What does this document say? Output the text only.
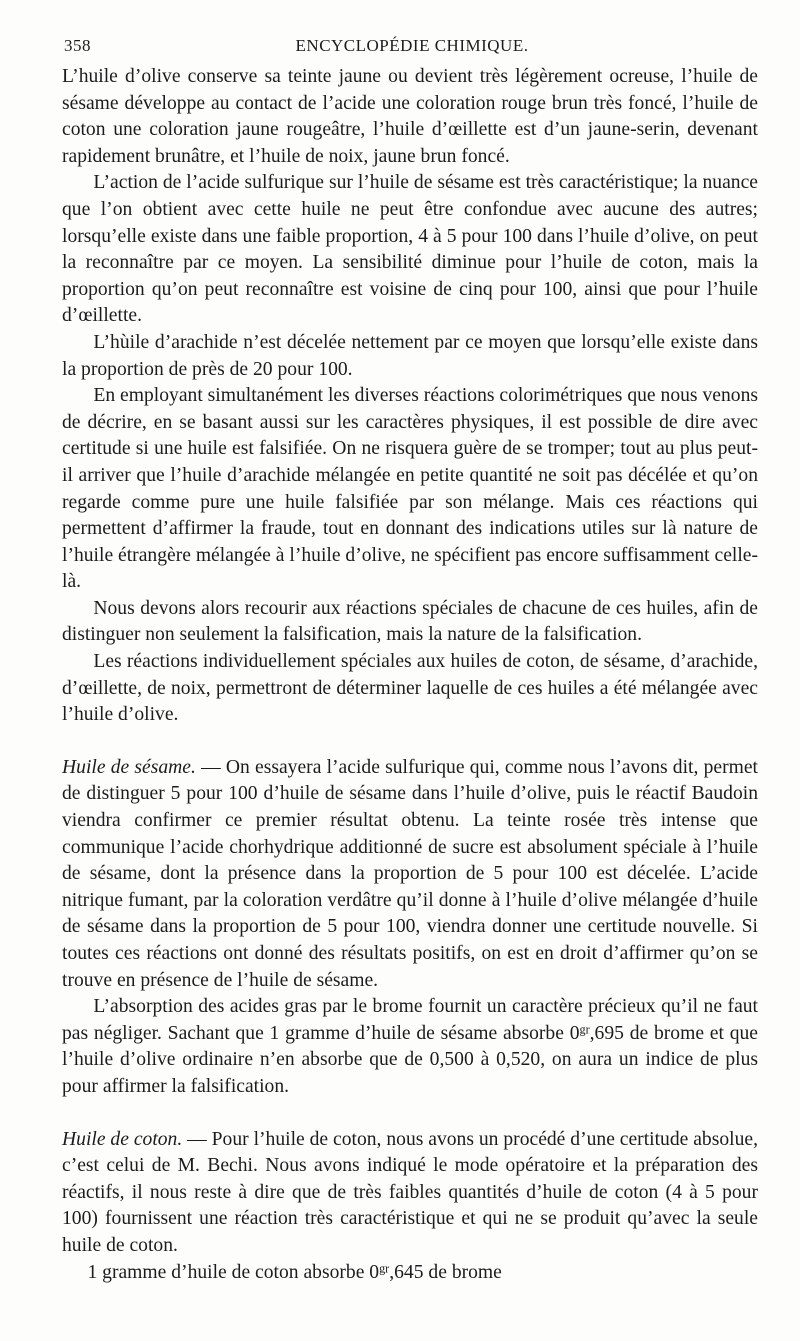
358	ENCYCLOPÉDIE CHIMIQUE.

L’huile d’olive conserve sa teinte jaune ou devient très légèrement ocreuse, l’huile de sésame développe au contact de l’acide une coloration rouge brun très foncé, l’huile de coton une coloration jaune rougeâtre, l’huile d’œillette est d’un jaune-serin, devenant rapidement brunâtre, et l’huile de noix, jaune brun foncé.

L’action de l’acide sulfurique sur l’huile de sésame est très caractéristique; la nuance que l’on obtient avec cette huile ne peut être confondue avec aucune des autres; lorsqu’elle existe dans une faible proportion, 4 à 5 pour 100 dans l’huile d’olive, on peut la reconnaître par ce moyen. La sensibilité diminue pour l’huile de coton, mais la proportion qu’on peut reconnaître est voisine de cinq pour 100, ainsi que pour l’huile d’œillette.

L’hùile d’arachide n’est décelée nettement par ce moyen que lorsqu’elle existe dans la proportion de près de 20 pour 100.

En employant simultanément les diverses réactions colorimétriques que nous venons de décrire, en se basant aussi sur les caractères physiques, il est possible de dire avec certitude si une huile est falsifiée. On ne risquera guère de se tromper; tout au plus peut-il arriver que l’huile d’arachide mélangée en petite quantité ne soit pas décélée et qu’on regarde comme pure une huile falsifiée par son mélange. Mais ces réactions qui permettent d’affirmer la fraude, tout en donnant des indications utiles sur là nature de l’huile étrangère mélangée à l’huile d’olive, ne spécifient pas encore suffisamment celle-là.

Nous devons alors recourir aux réactions spéciales de chacune de ces huiles, afin de distinguer non seulement la falsification, mais la nature de la falsification.

Les réactions individuellement spéciales aux huiles de coton, de sésame, d’arachide, d’œillette, de noix, permettront de déterminer laquelle de ces huiles a été mélangée avec l’huile d’olive.

Huile de sésame. — On essayera l’acide sulfurique qui, comme nous l’avons dit, permet de distinguer 5 pour 100 d’huile de sésame dans l’huile d’olive, puis le réactif Baudoin viendra confirmer ce premier résultat obtenu. La teinte rosée très intense que communique l’acide chorhydrique additionné de sucre est absolument spéciale à l’huile de sésame, dont la présence dans la proportion de 5 pour 100 est décelée. L’acide nitrique fumant, par la coloration verdâtre qu’il donne à l’huile d’olive mélangée d’huile de sésame dans la proportion de 5 pour 100, viendra donner une certitude nouvelle. Si toutes ces réactions ont donné des résultats positifs, on est en droit d’affirmer qu’on se trouve en présence de l’huile de sésame.

L’absorption des acides gras par le brome fournit un caractère précieux qu’il ne faut pas négliger. Sachant que 1 gramme d’huile de sésame absorbe $0^{gr},695$ de brome et que l’huile d’olive ordinaire n’en absorbe que de 0,500 à 0,520, on aura un indice de plus pour affirmer la falsification.

Huile de coton. — Pour l’huile de coton, nous avons un procédé d’une certitude absolue, c’est celui de M. Bechi. Nous avons indiqué le mode opératoire et la préparation des réactifs, il nous reste à dire que de très faibles quantités d’huile de coton (4 à 5 pour 100) fournissent une réaction très caractéristique et qui ne se produit qu’avec la seule huile de coton.

1 gramme d’huile de coton absorbe $0^{gr},645$ de brome
